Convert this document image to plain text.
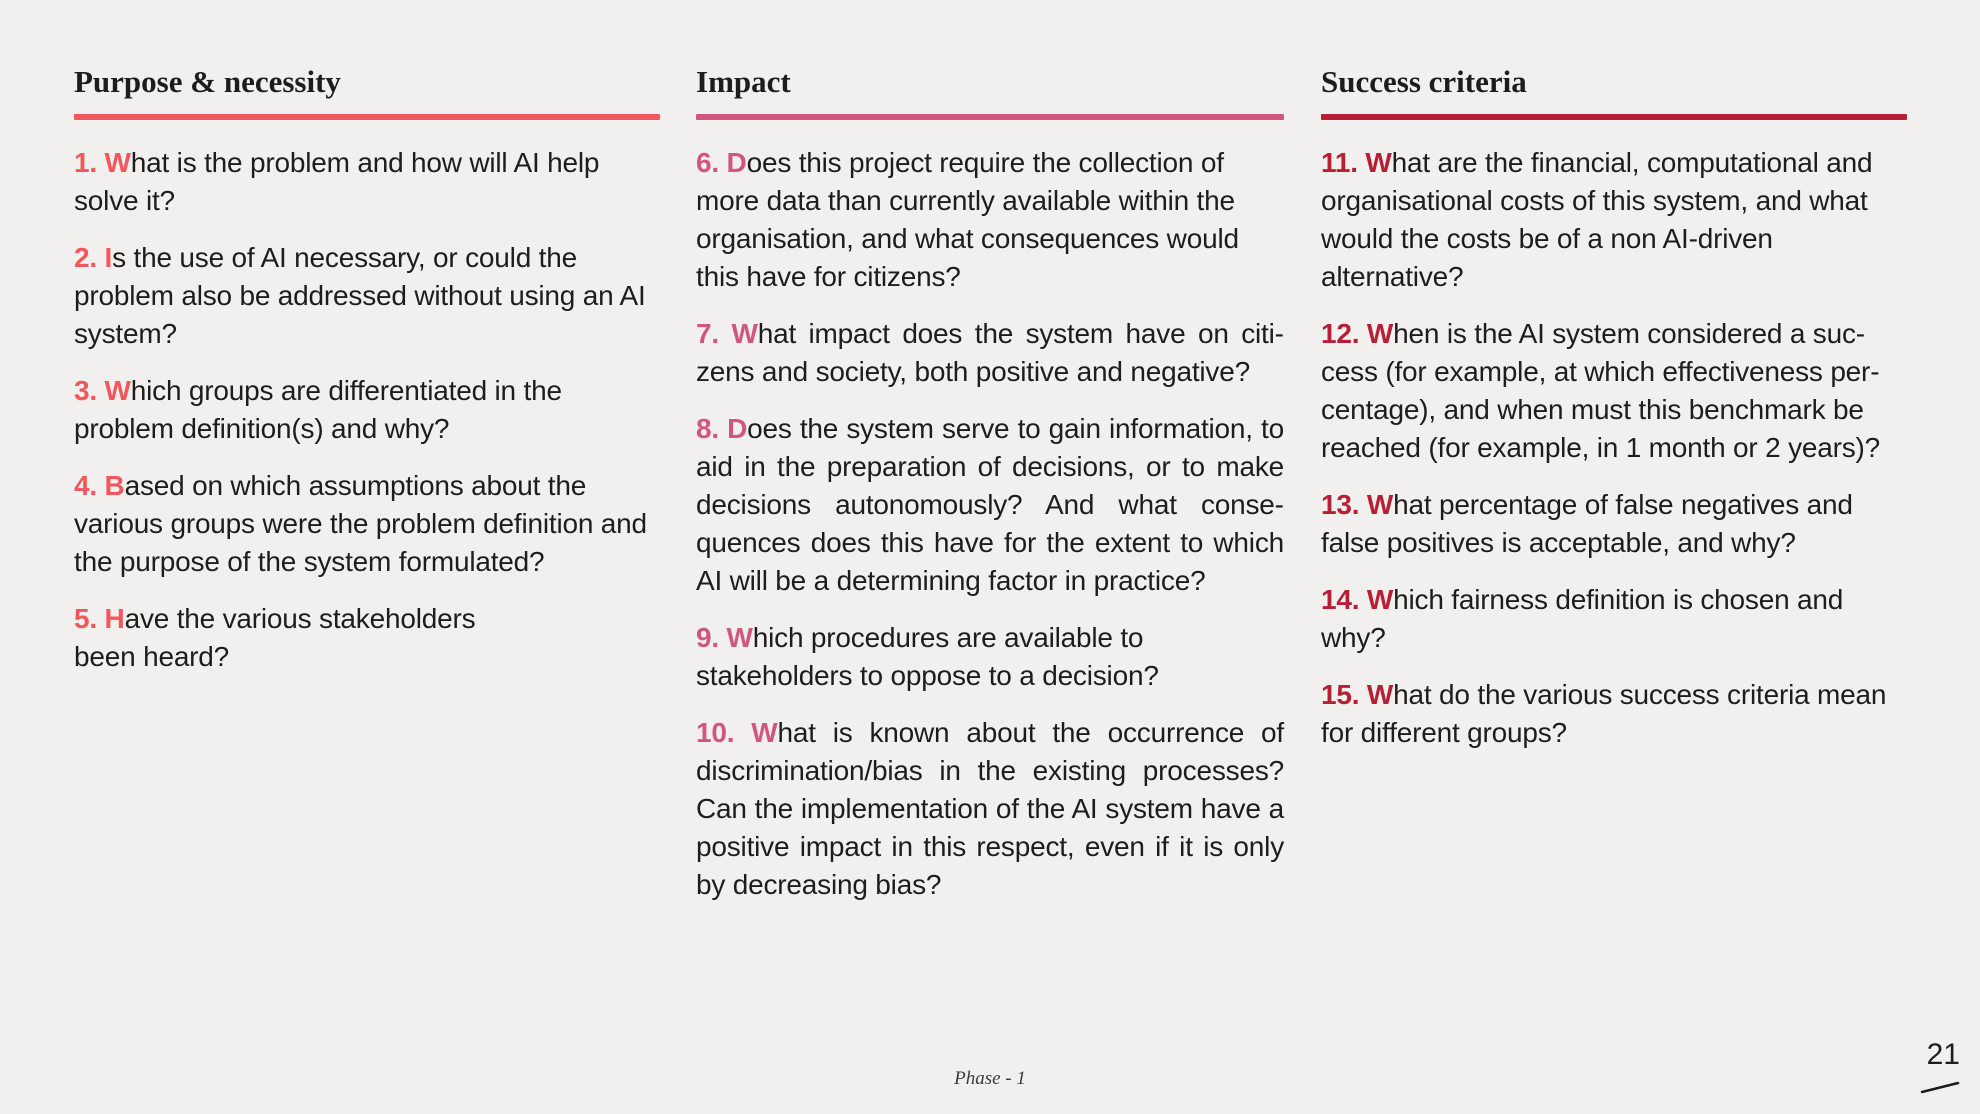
Purpose & necessity

1. What is the problem and how will AI help solve it?

2. Is the use of AI necessary, or could the problem also be addressed without using an AI system?

3. Which groups are differentiated in the problem definition(s) and why?

4. Based on which assumptions about the various groups were the problem definition and the purpose of the system formulated?

5. Have the various stakeholders been heard?

Impact

6. Does this project require the collection of more data than currently available within the organisation, and what consequences would this have for citizens?

7. What impact does the system have on citizens and society, both positive and negative?

8. Does the system serve to gain information, to aid in the preparation of decisions, or to make decisions autonomously? And what consequences does this have for the extent to which AI will be a determining factor in practice?

9. Which procedures are available to stakeholders to oppose to a decision?

10. What is known about the occurrence of discrimination/bias in the existing processes? Can the implementation of the AI system have a positive impact in this respect, even if it is only by decreasing bias?

Success criteria

11. What are the financial, computational and organisational costs of this system, and what would the costs be of a non AI-driven alternative?

12. When is the AI system considered a success (for example, at which effectiveness percentage), and when must this benchmark be reached (for example, in 1 month or 2 years)?

13. What percentage of false negatives and false positives is acceptable, and why?

14. Which fairness definition is chosen and why?

15. What do the various success criteria mean for different groups?

Phase - 1
21
